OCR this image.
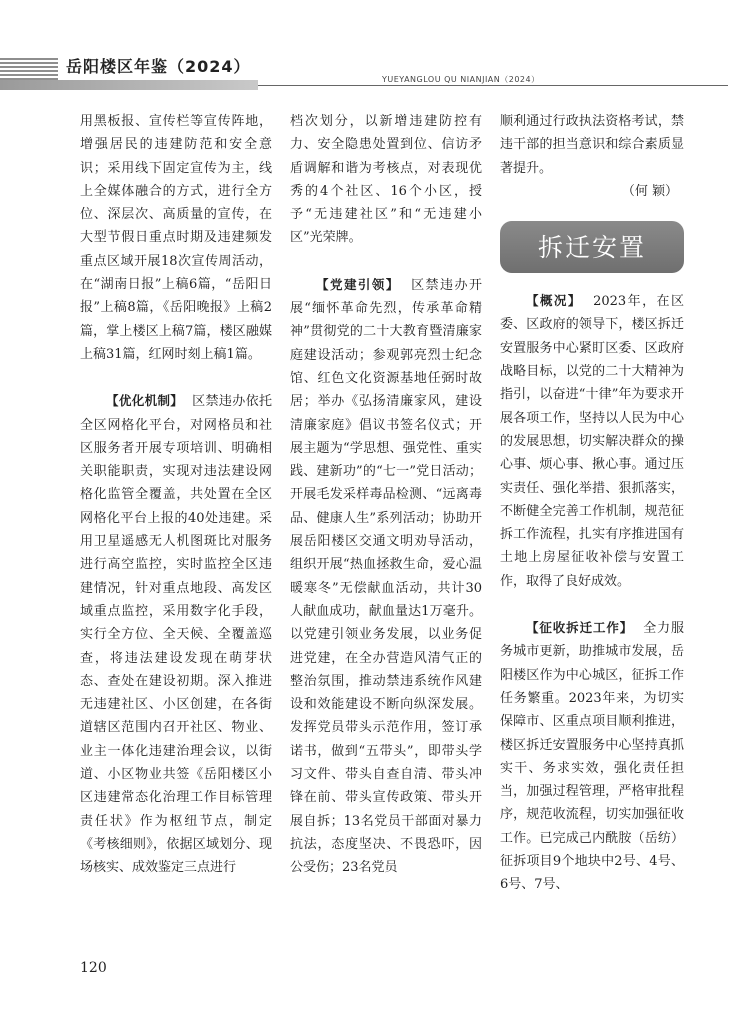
岳阳楼区年鉴（2024）
YUEYANGLOU QU NIANJIAN（2024）

用黑板报、宣传栏等宣传阵地，增强居民的违建防范和安全意识；采用线下固定宣传为主，线上全媒体融合的方式，进行全方位、深层次、高质量的宣传，在大型节假日重点时期及违建频发重点区域开展18次宣传周活动，在“湖南日报”上稿6篇，“岳阳日报”上稿8篇，《岳阳晚报》上稿2篇，掌上楼区上稿7篇，楼区融媒上稿31篇，红网时刻上稿1篇。

【优化机制】 区禁违办依托全区网格化平台，对网格员和社区服务者开展专项培训、明确相关职能职责，实现对违法建设网格化监管全覆盖，共处置在全区网格化平台上报的40处违建。采用卫星遥感无人机图斑比对服务进行高空监控，实时监控全区违建情况，针对重点地段、高发区域重点监控，采用数字化手段，实行全方位、全天候、全覆盖巡查，将违法建设发现在萌芽状态、查处在建设初期。深入推进无违建社区、小区创建，在各街道辖区范围内召开社区、物业、业主一体化违建治理会议，以街道、小区物业共签《岳阳楼区小区违建常态化治理工作目标管理责任状》作为枢纽节点，制定《考核细则》，依据区域划分、现场核实、成效鉴定三点进行

档次划分，以新增违建防控有力、安全隐患处置到位、信访矛盾调解和谐为考核点，对表现优秀的4个社区、16个小区，授予“无违建社区”和“无违建小区”光荣牌。

【党建引领】 区禁违办开展“缅怀革命先烈，传承革命精神”贯彻党的二十大教育暨清廉家庭建设活动；参观郭亮烈士纪念馆、红色文化资源基地任弼时故居；举办《弘扬清廉家风，建设清廉家庭》倡议书签名仪式；开展主题为“学思想、强党性、重实践、建新功”的“七一”党日活动；开展毛发采样毒品检测、“远离毒品、健康人生”系列活动；协助开展岳阳楼区交通文明劝导活动，组织开展“热血拯救生命，爱心温暖寒冬”无偿献血活动，共计30人献血成功，献血量达1万毫升。以党建引领业务发展，以业务促进党建，在全办营造风清气正的整治氛围，推动禁违系统作风建设和效能建设不断向纵深发展。发挥党员带头示范作用，签订承诺书，做到“五带头”，即带头学习文件、带头自查自清、带头冲锋在前、带头宣传政策、带头开展自拆；13名党员干部面对暴力抗法，态度坚决、不畏恐吓，因公受伤；23名党员

顺利通过行政执法资格考试，禁违干部的担当意识和综合素质显著提升。

（何 颖）

拆迁安置

【概况】 2023年，在区委、区政府的领导下，楼区拆迁安置服务中心紧盯区委、区政府战略目标，以党的二十大精神为指引，以奋进“十律”年为要求开展各项工作，坚持以人民为中心的发展思想，切实解决群众的操心事、烦心事、揪心事。通过压实责任、强化举措、狠抓落实，不断健全完善工作机制，规范征拆工作流程，扎实有序推进国有土地上房屋征收补偿与安置工作，取得了良好成效。

【征收拆迁工作】 全力服务城市更新，助推城市发展，岳阳楼区作为中心城区，征拆工作任务繁重。2023年来，为切实保障市、区重点项目顺利推进，楼区拆迁安置服务中心坚持真抓实干、务求实效，强化责任担当，加强过程管理，严格审批程序，规范收流程，切实加强征收工作。已完成己内酰胺（岳纺）征拆项目9个地块中2号、4号、6号、7号、

120
